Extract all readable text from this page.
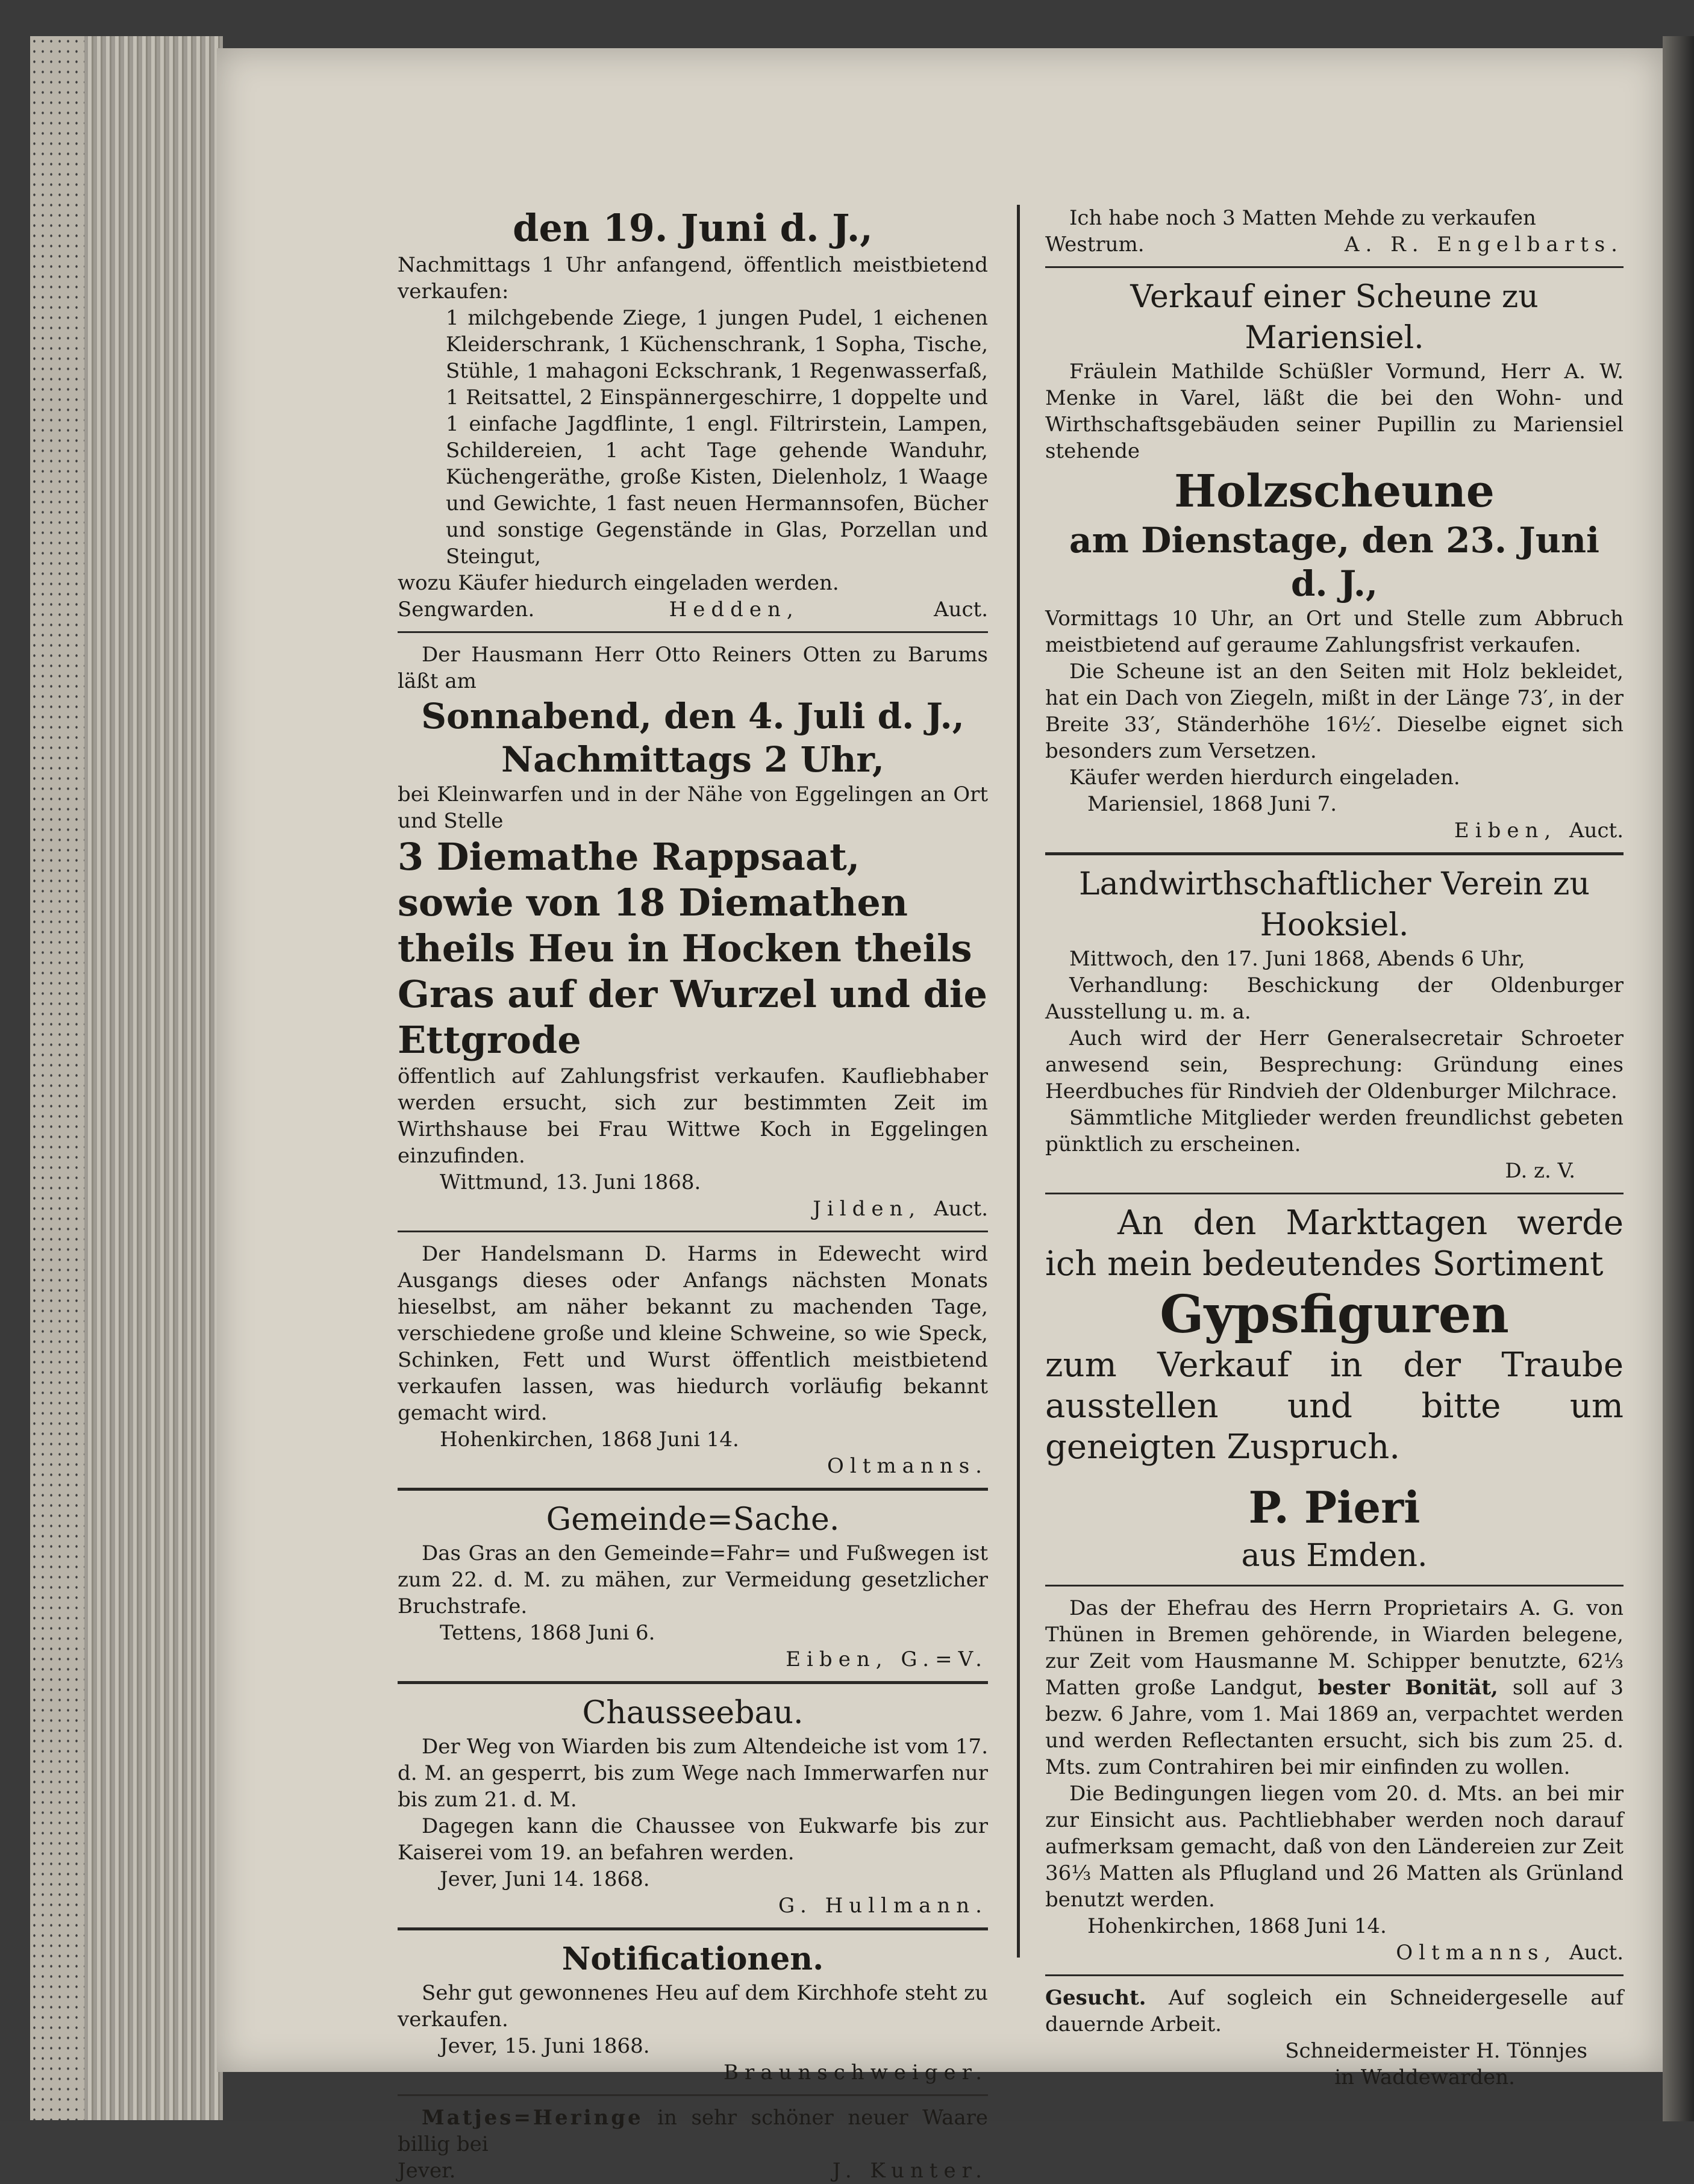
den 19. Juni d. J.,

Nachmittags 1 Uhr anfangend, öffentlich meistbietend verkaufen:

1 milchgebende Ziege, 1 jungen Pudel, 1 eichenen Kleiderschrank, 1 Küchenschrank, 1 Sopha, Tische, Stühle, 1 mahagoni Eckschrank, 1 Regenwasserfaß, 1 Reitsattel, 2 Einspännergeschirre, 1 doppelte und 1 einfache Jagdflinte, 1 engl. Filtrirstein, Lampen, Schildereien, 1 acht Tage gehende Wanduhr, Küchengeräthe, große Kisten, Dielenholz, 1 Waage und Gewichte, 1 fast neuen Hermannsofen, Bücher und sonstige Gegenstände in Glas, Porzellan und Steingut,

wozu Käufer hiedurch eingeladen werden.

Sengwarden.	Hedden,	Auct.

Der Hausmann Herr Otto Reiners Otten zu Barums läßt am

Sonnabend, den 4. Juli d. J.,
Nachmittags 2 Uhr,

bei Kleinwarfen und in der Nähe von Eggelingen an Ort und Stelle

3 Diemathe Rappsaat, sowie von 18 Diemathen theils Heu in Hocken theils Gras auf der Wurzel und die Ettgrode

öffentlich auf Zahlungsfrist verkaufen. Kaufliebhaber werden ersucht, sich zur bestimmten Zeit im Wirthshause bei Frau Wittwe Koch in Eggelingen einzufinden.

Wittmund, 13. Juni 1868.

Jilden, Auct.

Der Handelsmann D. Harms in Edewecht wird Ausgangs dieses oder Anfangs nächsten Monats hieselbst, am näher bekannt zu machenden Tage, verschiedene große und kleine Schweine, so wie Speck, Schinken, Fett und Wurst öffentlich meistbietend verkaufen lassen, was hiedurch vorläufig bekannt gemacht wird.

Hohenkirchen, 1868 Juni 14.

Oltmanns.
Gemeinde=Sache.

Das Gras an den Gemeinde=Fahr= und Fußwegen ist zum 22. d. M. zu mähen, zur Vermeidung gesetzlicher Bruchstrafe.

Tettens, 1868 Juni 6.

Eiben, G.=V.
Chausseebau.

Der Weg von Wiarden bis zum Altendeiche ist vom 17. d. M. an gesperrt, bis zum Wege nach Immerwarfen nur bis zum 21. d. M.

Dagegen kann die Chaussee von Eukwarfe bis zur Kaiserei vom 19. an befahren werden.

Jever, Juni 14. 1868.

G. Hullmann.
Notificationen.

Sehr gut gewonnenes Heu auf dem Kirchhofe steht zu verkaufen.

Jever, 15. Juni 1868.

Braunschweiger.

Matjes=Heringe in sehr schöner neuer Waare billig bei

Jever.	J. Kunter.

Ich habe noch 3 Matten Mehde zu verkaufen

Westrum.	A. R. Engelbarts.
Verkauf einer Scheune zu Mariensiel.

Fräulein Mathilde Schüßler Vormund, Herr A. W. Menke in Varel, läßt die bei den Wohn- und Wirthschaftsgebäuden seiner Pupillin zu Mariensiel stehende

Holzscheune
am Dienstage, den 23. Juni d. J.,

Vormittags 10 Uhr, an Ort und Stelle zum Abbruch meistbietend auf geraume Zahlungsfrist verkaufen.

Die Scheune ist an den Seiten mit Holz bekleidet, hat ein Dach von Ziegeln, mißt in der Länge 73′, in der Breite 33′, Ständerhöhe 16½′. Dieselbe eignet sich besonders zum Versetzen.

Käufer werden hierdurch eingeladen.

Mariensiel, 1868 Juni 7.

Eiben, Auct.
Landwirthschaftlicher Verein zu Hooksiel.

Mittwoch, den 17. Juni 1868, Abends 6 Uhr,

Verhandlung: Beschickung der Oldenburger Ausstellung u. m. a.

Auch wird der Herr Generalsecretair Schroeter anwesend sein, Besprechung: Gründung eines Heerdbuches für Rindvieh der Oldenburger Milchrace.

Sämmtliche Mitglieder werden freundlichst gebeten pünktlich zu erscheinen.

D. z. V.

An den Markttagen werde ich mein bedeutendes Sortiment

Gypsfiguren

zum Verkauf in der Traube ausstellen und bitte um geneigten Zuspruch.

P. Pieri
aus Emden.

Das der Ehefrau des Herrn Proprietairs A. G. von Thünen in Bremen gehörende, in Wiarden belegene, zur Zeit vom Hausmanne M. Schipper benutzte, 62⅓ Matten große Landgut, bester Bonität, soll auf 3 bezw. 6 Jahre, vom 1. Mai 1869 an, verpachtet werden und werden Reflectanten ersucht, sich bis zum 25. d. Mts. zum Contrahiren bei mir einfinden zu wollen.

Die Bedingungen liegen vom 20. d. Mts. an bei mir zur Einsicht aus. Pachtliebhaber werden noch darauf aufmerksam gemacht, daß von den Ländereien zur Zeit 36⅓ Matten als Pflugland und 26 Matten als Grünland benutzt werden.

Hohenkirchen, 1868 Juni 14.

Oltmanns, Auct.

Gesucht. Auf sogleich ein Schneidergeselle auf dauernde Arbeit.

Schneidermeister H. Tönnjes
in Waddewarden.
